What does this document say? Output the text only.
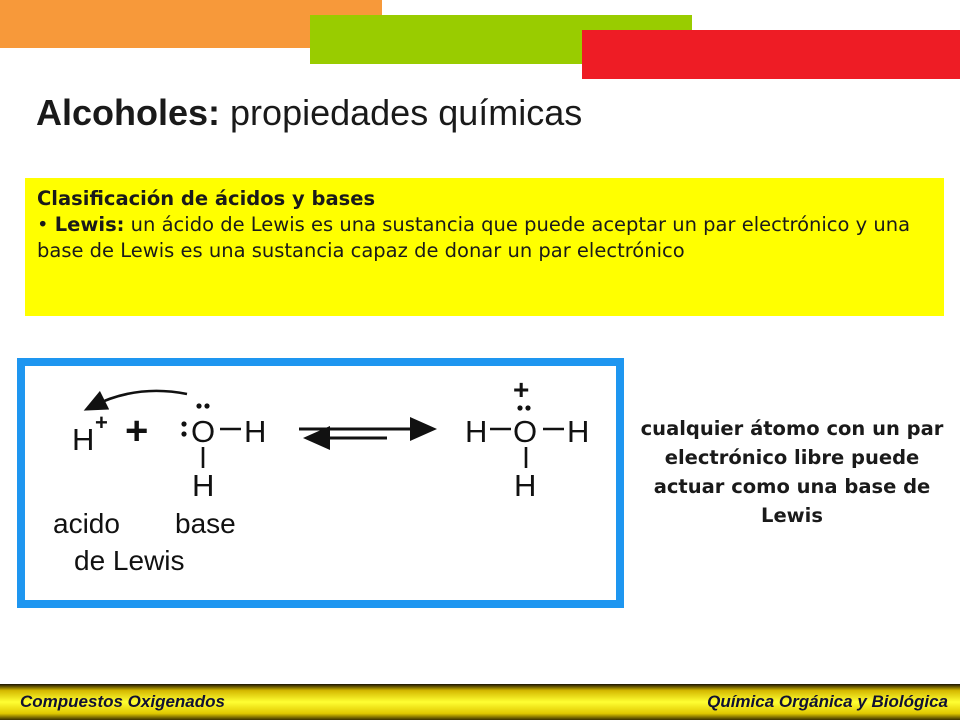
Alcoholes: propiedades químicas
Clasificación de ácidos y bases
• Lewis: un ácido de Lewis es una sustancia que puede aceptar un par electrónico y una base de Lewis es una sustancia capaz de donar un par electrónico
H + + O H
H
+
H O H
H
acido base
de Lewis
cualquier átomo con un par electrónico libre puede actuar como una base de Lewis
Compuestos Oxigenados	Química Orgánica y Biológica
